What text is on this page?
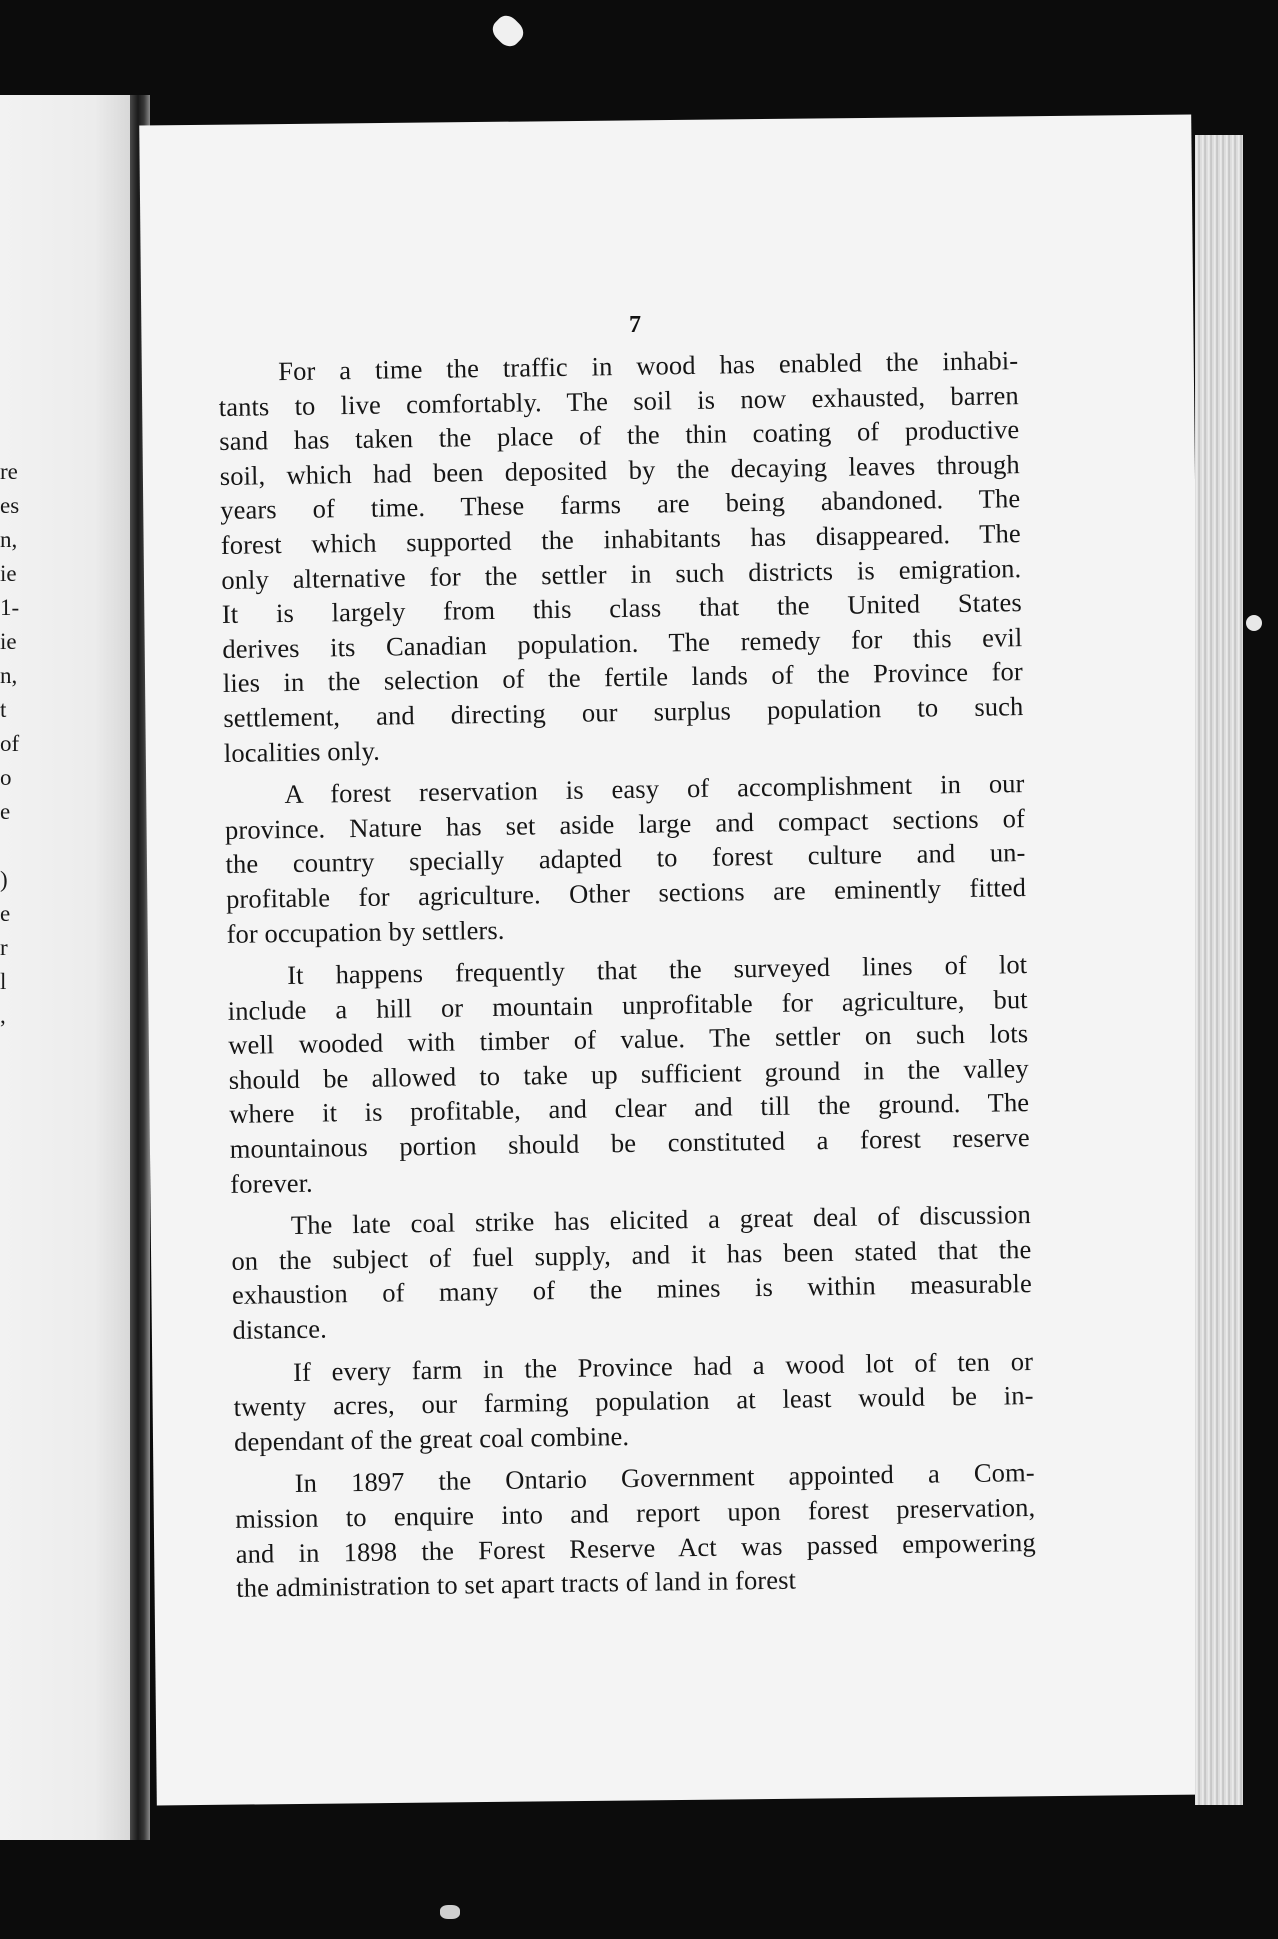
re
es
n,
ie
1-
ie
n,
t
of
o
e
)
e
r
l
,
7
For a time the traffic in wood has enabled the inhabi-
tants to live comfortably. The soil is now exhausted, barren
sand has taken the place of the thin coating of productive
soil, which had been deposited by the decaying leaves through
years of time. These farms are being abandoned. The
forest which supported the inhabitants has disappeared. The
only alternative for the settler in such districts is emigration.
It is largely from this class that the United States
derives its Canadian population. The remedy for this evil
lies in the selection of the fertile lands of the Province for
settlement, and directing our surplus population to such
localities only.
A forest reservation is easy of accomplishment in our
province. Nature has set aside large and compact sections of
the country specially adapted to forest culture and un-
profitable for agriculture. Other sections are eminently fitted
for occupation by settlers.
It happens frequently that the surveyed lines of lot
include a hill or mountain unprofitable for agriculture, but
well wooded with timber of value. The settler on such lots
should be allowed to take up sufficient ground in the valley
where it is profitable, and clear and till the ground. The
mountainous portion should be constituted a forest reserve
forever.
The late coal strike has elicited a great deal of discussion
on the subject of fuel supply, and it has been stated that the
exhaustion of many of the mines is within measurable
distance.
If every farm in the Province had a wood lot of ten or
twenty acres, our farming population at least would be in-
dependant of the great coal combine.
In 1897 the Ontario Government appointed a Com-
mission to enquire into and report upon forest preservation,
and in 1898 the Forest Reserve Act was passed empowering
the administration to set apart tracts of land in forest
